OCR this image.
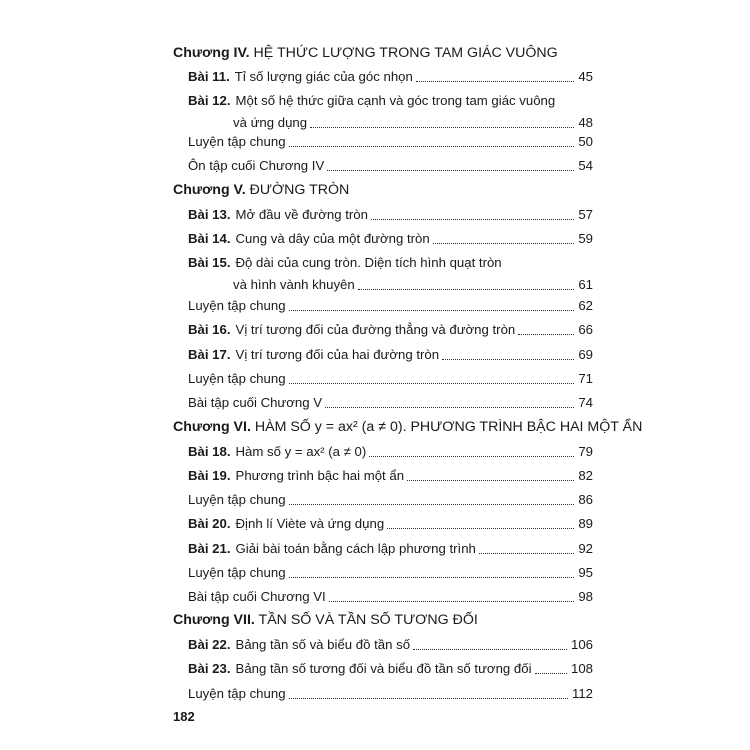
Chương IV. HỆ THỨC LƯỢNG TRONG TAM GIÁC VUÔNG
Bài 11. Tỉ số lượng giác của góc nhọn	45
Bài 12. Một số hệ thức giữa cạnh và góc trong tam giác vuông
và ứng dụng	48
Luyện tập chung	50
Ôn tập cuối Chương IV	54
Chương V. ĐƯỜNG TRÒN
Bài 13. Mở đầu về đường tròn	57
Bài 14. Cung và dây của một đường tròn	59
Bài 15. Độ dài của cung tròn. Diện tích hình quạt tròn
và hình vành khuyên	61
Luyện tập chung	62
Bài 16. Vị trí tương đối của đường thẳng và đường tròn	66
Bài 17. Vị trí tương đối của hai đường tròn	69
Luyện tập chung	71
Bài tập cuối Chương V	74
Chương VI. HÀM SỐ y = ax² (a ≠ 0). PHƯƠNG TRÌNH BẬC HAI MỘT ẨN
Bài 18. Hàm số y = ax² (a ≠ 0)	79
Bài 19. Phương trình bậc hai một ẩn	82
Luyện tập chung	86
Bài 20. Định lí Viète và ứng dụng	89
Bài 21. Giải bài toán bằng cách lập phương trình	92
Luyện tập chung	95
Bài tập cuối Chương VI	98
Chương VII. TẦN SỐ VÀ TẦN SỐ TƯƠNG ĐỐI
Bài 22. Bảng tần số và biểu đồ tần số	106
Bài 23. Bảng tần số tương đối và biểu đồ tần số tương đối	108
Luyện tập chung	112
182
